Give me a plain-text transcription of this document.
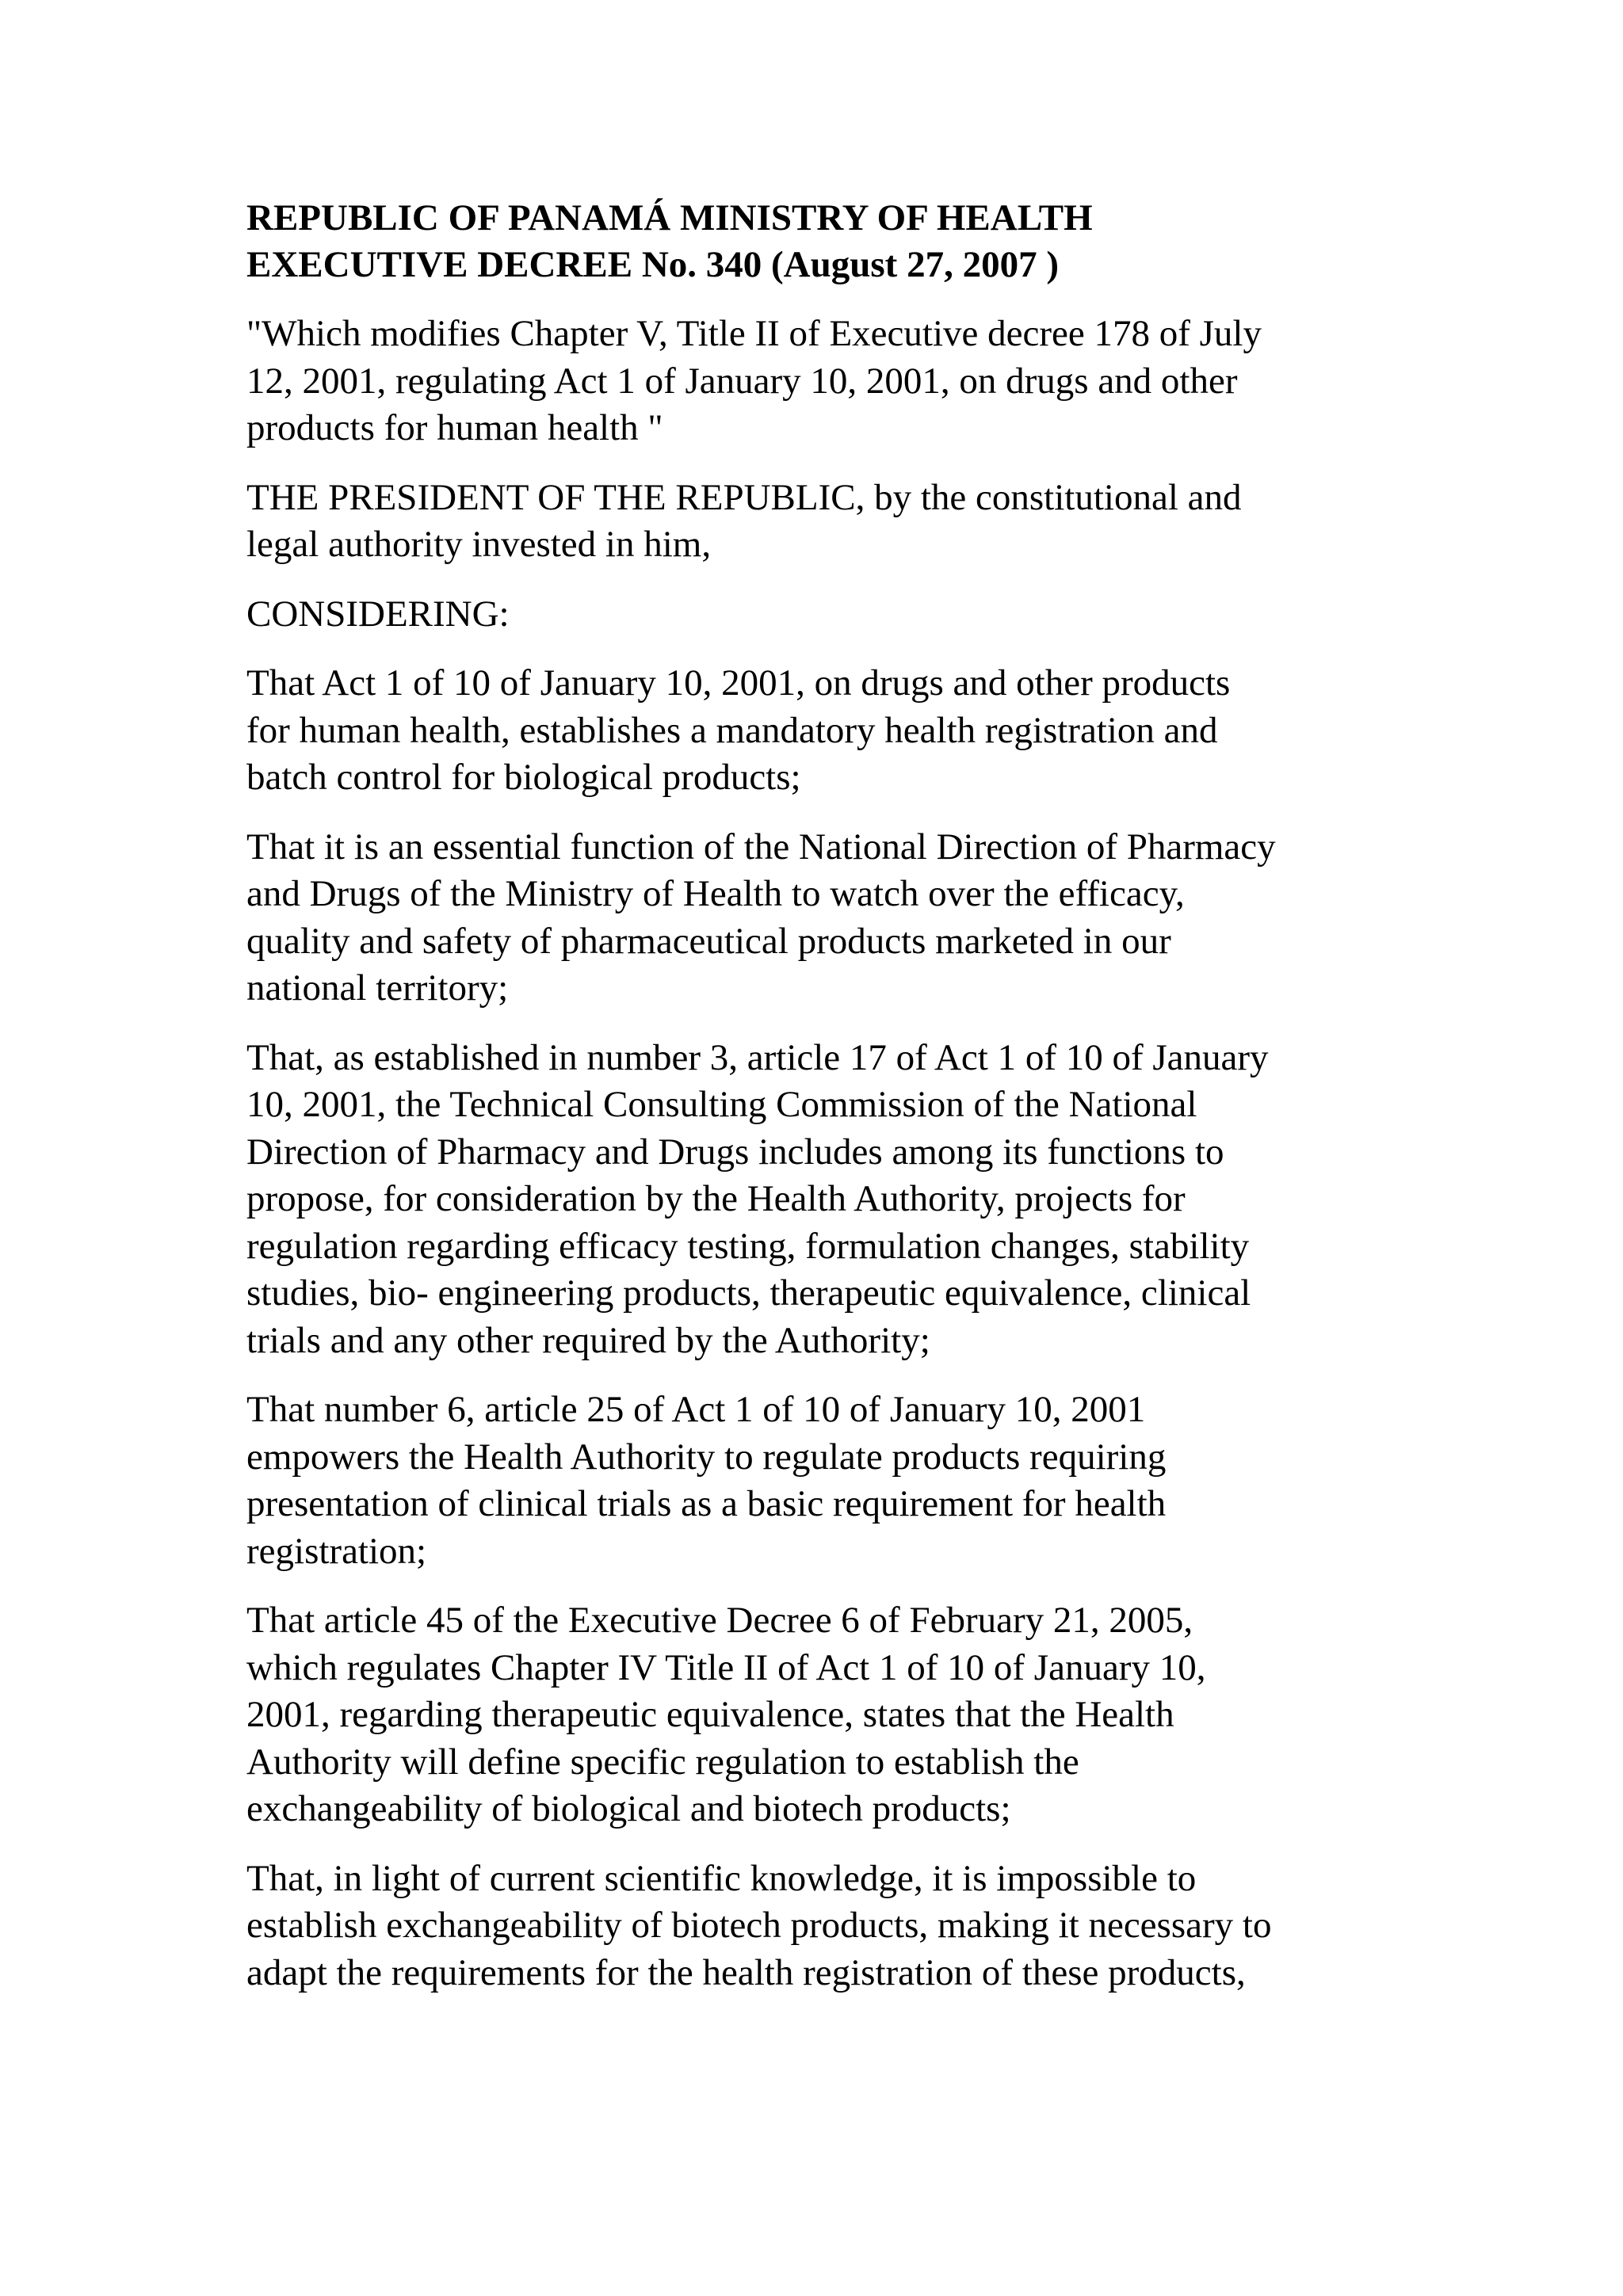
REPUBLIC OF PANAMÁ MINISTRY OF HEALTH
EXECUTIVE DECREE No. 340 (August 27, 2007 )
"Which modifies Chapter V, Title II of Executive decree 178 of July
12, 2001, regulating Act 1 of January 10, 2001, on drugs and other
products for human health "
THE PRESIDENT OF THE REPUBLIC, by the constitutional and
legal authority invested in him,
CONSIDERING:
That Act 1 of 10 of January 10, 2001, on drugs and other products
for human health, establishes a mandatory health registration and
batch control for biological products;
That it is an essential function of the National Direction of Pharmacy
and Drugs of the Ministry of Health to watch over the efficacy,
quality and safety of pharmaceutical products marketed in our
national territory;
That, as established in number 3, article 17 of Act 1 of 10 of January
10, 2001, the Technical Consulting Commission of the National
Direction of Pharmacy and Drugs includes among its functions to
propose, for consideration by the Health Authority, projects for
regulation regarding efficacy testing, formulation changes, stability
studies, bio- engineering products, therapeutic equivalence, clinical
trials and any other required by the Authority;
That number 6, article 25 of Act 1 of 10 of January 10, 2001
empowers the Health Authority to regulate products requiring
presentation of clinical trials as a basic requirement for health
registration;
That article 45 of the Executive Decree 6 of February 21, 2005,
which regulates Chapter IV Title II of Act 1 of 10 of January 10,
2001, regarding therapeutic equivalence, states that the Health
Authority will define specific regulation to establish the
exchangeability of biological and biotech products;
That, in light of current scientific knowledge, it is impossible to
establish exchangeability of biotech products, making it necessary to
adapt the requirements for the health registration of these products,
